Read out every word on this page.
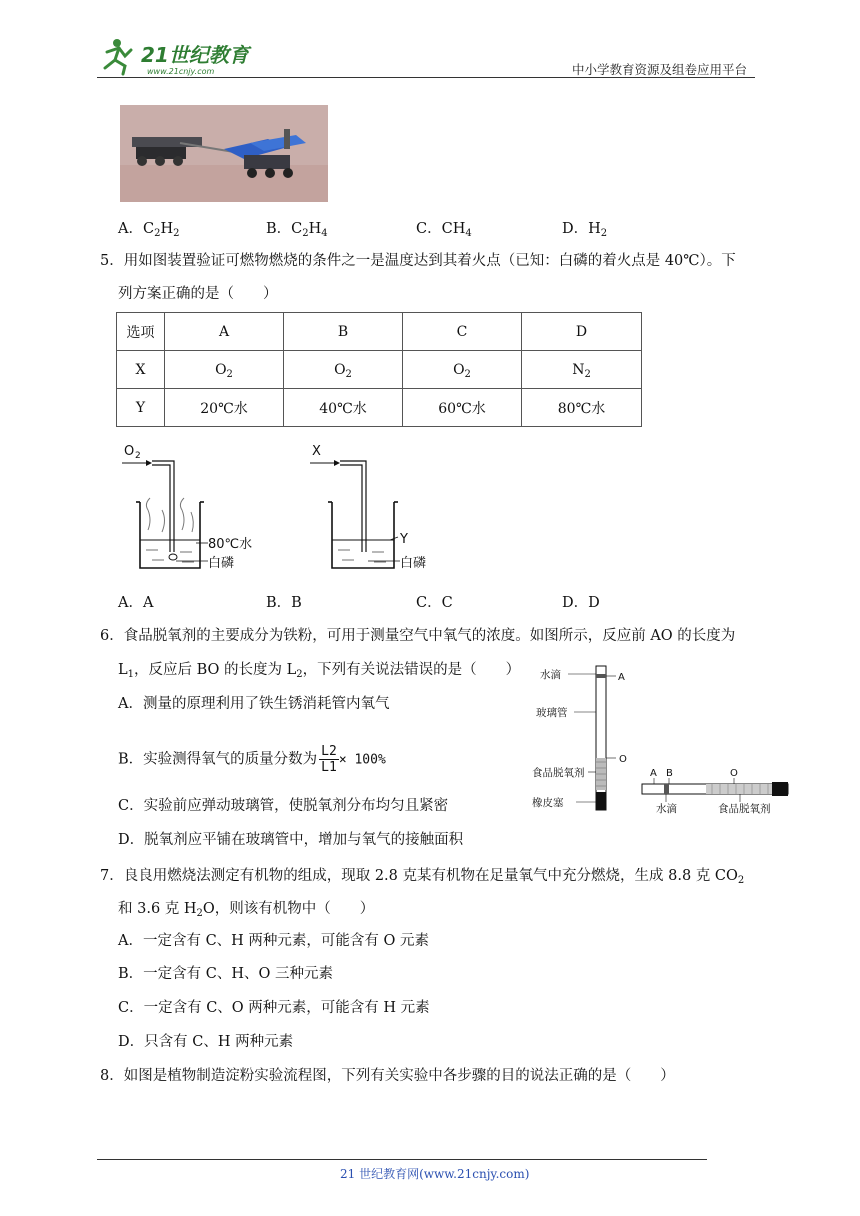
21世纪教育
www.21cnjy.com	中小学教育资源及组卷应用平台
A．$C_2H_2$	B．$C_2H_4$	C．$CH_4$	D．$H_2$
5．用如图装置验证可燃物燃烧的条件之一是温度达到其着火点（已知：白磷的着火点是 40℃）。下
列方案正确的是（　　）
选项	A	B	C	D
X	$O_2$	$O_2$	$O_2$	$N_2$
Y	20℃水	40℃水	60℃水	80℃水
O 2
80℃水
白磷
X
Y
白磷
A．A	B．B	C．C	D．D
6．食品脱氧剂的主要成分为铁粉，可用于测量空气中氧气的浓度。如图所示，反应前 AO 的长度为
$L_1$，反应后 BO 的长度为 $L_2$，下列有关说法错误的是（　　）
A．测量的原理利用了铁生锈消耗管内氧气
B．实验测得氧气的质量分数为 $\frac{L2}{L1} \times 100\%$
C．实验前应弹动玻璃管，使脱氧剂分布均匀且紧密
D．脱氧剂应平铺在玻璃管中，增加与氧气的接触面积
水滴	A
玻璃管
O
食品脱氧剂
橡皮塞
A B	O
水滴	食品脱氧剂
7．良良用燃烧法测定有机物的组成，现取 2.8 克某有机物在足量氧气中充分燃烧，生成 8.8 克 $CO_2$
和 3.6 克 $H_2O$，则该有机物中（　　）
A．一定含有 C、H 两种元素，可能含有 O 元素
B．一定含有 C、H、O 三种元素
C．一定含有 C、O 两种元素，可能含有 H 元素
D．只含有 C、H 两种元素
8．如图是植物制造淀粉实验流程图，下列有关实验中各步骤的目的说法正确的是（　　）
21 世纪教育网(www.21cnjy.com)
